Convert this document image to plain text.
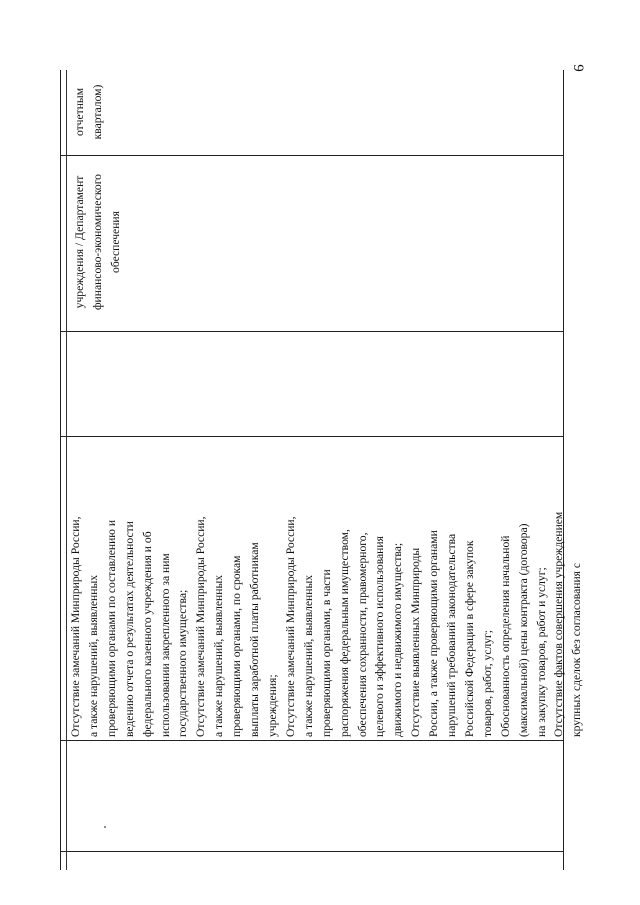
9
отчетным кварталом)
учреждения / Департамент финансово-экономического обеспечения
Отсутствие замечаний Минприроды России, а также нарушений, выявленных проверяющими органами по составлению и ведению отчета о результатах деятельности федерального казенного учреждения и об использовании закрепленного за ним государственного имущества; Отсутствие замечаний Минприроды России, а также нарушений, выявленных проверяющими органами, по срокам выплаты заработной платы работникам учреждения; Отсутствие замечаний Минприроды России, а также нарушений, выявленных проверяющими органами, в части распоряжения федеральным имуществом, обеспечения сохранности, правомерного, целевого и эффективного использования движимого и недвижимого имущества; Отсутствие выявленных Минприроды России, а также проверяющими органами нарушений требований законодательства Российской Федерации в сфере закупок товаров, работ, услуг; Обоснованность определения начальной (максимальной) цены контракта (договора) на закупку товаров, работ и услуг; Отсутствие фактов совершения учреждением крупных сделок без согласования с
